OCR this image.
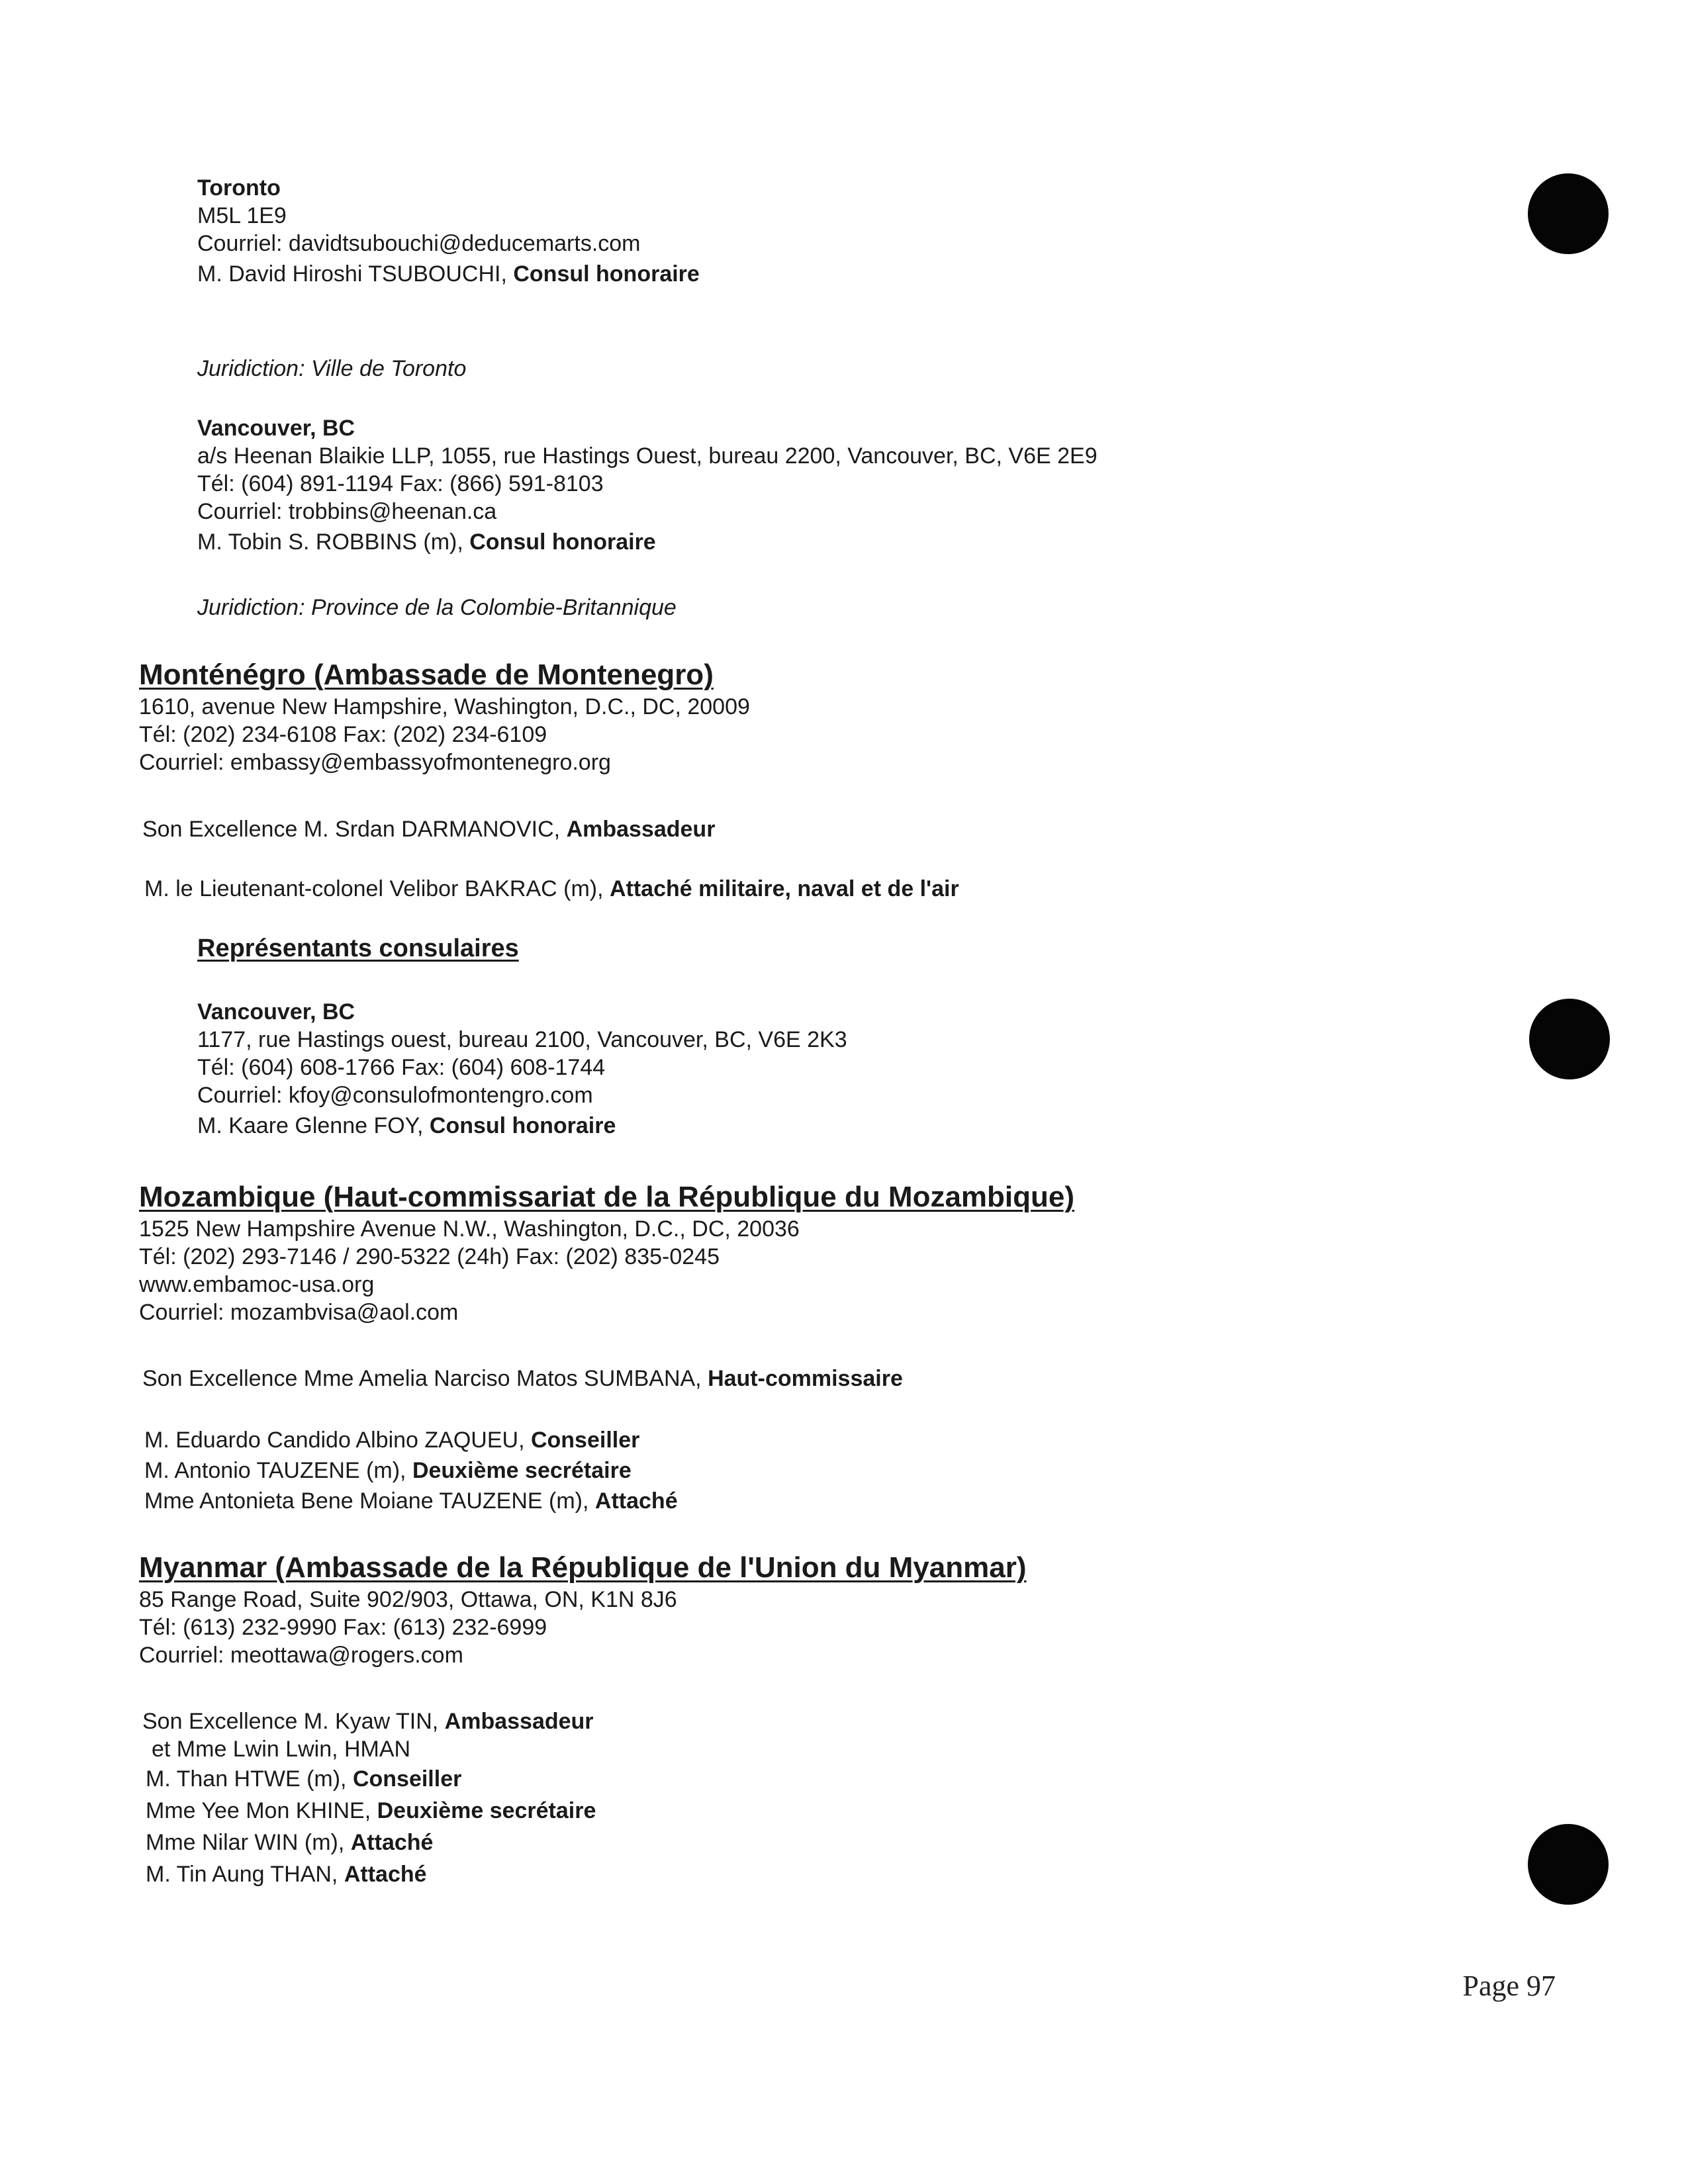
Toronto
M5L 1E9
Courriel: davidtsubouchi@deducemarts.com
M. David Hiroshi TSUBOUCHI, Consul honoraire
Juridiction: Ville de Toronto
Vancouver, BC
a/s Heenan Blaikie LLP, 1055, rue Hastings Ouest, bureau 2200, Vancouver, BC, V6E 2E9
Tél: (604) 891-1194 Fax: (866) 591-8103
Courriel: trobbins@heenan.ca
M. Tobin S. ROBBINS (m), Consul honoraire
Juridiction: Province de la Colombie-Britannique
Monténégro (Ambassade de Montenegro)
1610, avenue New Hampshire, Washington, D.C., DC, 20009
Tél: (202) 234-6108 Fax: (202) 234-6109
Courriel: embassy@embassyofmontenegro.org
Son Excellence M. Srdan DARMANOVIC, Ambassadeur
M. le Lieutenant-colonel Velibor BAKRAC (m), Attaché militaire, naval et de l'air
Représentants consulaires
Vancouver, BC
1177, rue Hastings ouest, bureau 2100, Vancouver, BC, V6E 2K3
Tél: (604) 608-1766 Fax: (604) 608-1744
Courriel: kfoy@consulofmontengro.com
M. Kaare Glenne FOY, Consul honoraire
Mozambique (Haut-commissariat de la République du Mozambique)
1525 New Hampshire Avenue N.W., Washington, D.C., DC, 20036
Tél: (202) 293-7146 / 290-5322 (24h) Fax: (202) 835-0245
www.embamoc-usa.org
Courriel: mozambvisa@aol.com
Son Excellence Mme Amelia Narciso Matos SUMBANA, Haut-commissaire
M. Eduardo Candido Albino ZAQUEU, Conseiller
M. Antonio TAUZENE (m), Deuxième secrétaire
Mme Antonieta Bene Moiane TAUZENE (m), Attaché
Myanmar (Ambassade de la République de l'Union du Myanmar)
85 Range Road, Suite 902/903, Ottawa, ON, K1N 8J6
Tél: (613) 232-9990 Fax: (613) 232-6999
Courriel: meottawa@rogers.com
Son Excellence M. Kyaw TIN, Ambassadeur
et Mme Lwin Lwin, HMAN
M. Than HTWE (m), Conseiller
Mme Yee Mon KHINE, Deuxième secrétaire
Mme Nilar WIN (m), Attaché
M. Tin Aung THAN, Attaché
Page 97
